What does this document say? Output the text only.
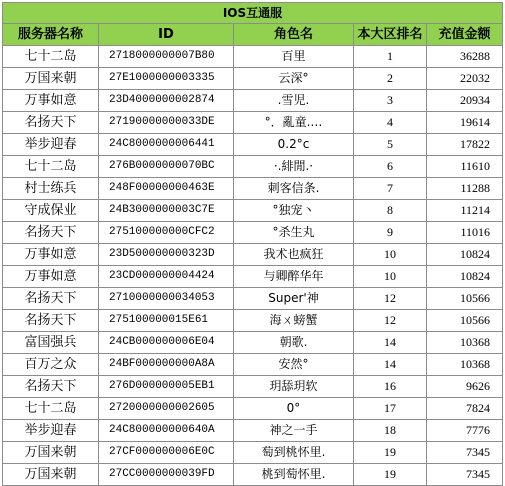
IOS互通服				
服务器名称	ID	角色名	本大区排名	充值金额
七十二岛	2718000000007B80	百里	1	36288
万国来朝	27E1000000003335	云深°	2	22032
万事如意	23D4000000002874	.雪児.	3	20934
名扬天下	27190000000033DE	°．亂童.…	4	19614
举步迎春	24C8000000006441	0.2°c	5	17822
七十二岛	276B0000000070BC	·.緋閒.·	6	11610
村士练兵	248F00000000463E	刺客信条.	7	11288
守成保业	24B3000000003C7E	°独宠丶	8	11214
名扬天下	275100000000CFC2	°杀生丸	9	11016
万事如意	23D500000000323D	我术也疯狂	10	10824
万事如意	23CD000000004424	与卿醉华年	10	10824
名扬天下	2710000000034053	Super'神	12	10566
名扬天下	275100000015E61	海ㄨ螃蟹	12	10566
富国强兵	24CB000000006E04	朝歌.	14	10368
百万之众	24BF000000000A8A	安然°	14	10368
名扬天下	276D000000005EB1	玥舔玥软	16	9626
七十二岛	2720000000002605	0°	17	7824
举步迎春	24C800000000640A	神之一手	18	7776
万国来朝	27CF000000006E0C	萄到桃怀里.	19	7345
万国来朝	27CC0000000039FD	桃到萄怀里.	19	7345
